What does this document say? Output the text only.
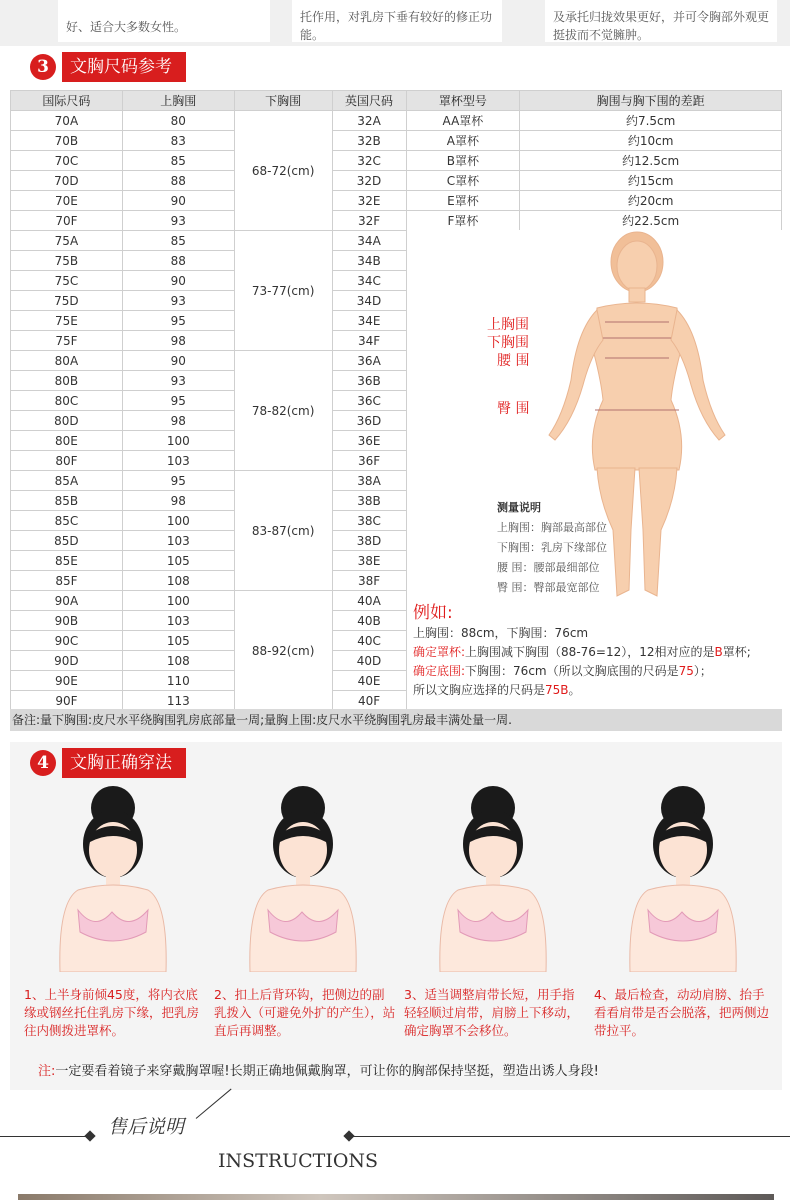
好、适合大多数女性。
托作用，对乳房下垂有较好的修正功能。
及承托归拢效果更好，并可令胸部外观更挺拔而不觉臃肿。
3	文胸尺码参考
国际尺码	上胸围	下胸围	英国尺码	罩杯型号	胸围与胸下围的差距
70A	80	68-72(cm)	32A	AA罩杯	约7.5cm
70B	83		32B	A罩杯	约10cm
70C	85		32C	B罩杯	约12.5cm
70D	88		32D	C罩杯	约15cm
70E	90		32E	E罩杯	约20cm
70F	93		32F	F罩杯	约22.5cm
75A	85	73-77(cm)	34A		
75B	88		34B		
75C	90		34C		
75D	93		34D		
75E	95		34E		
75F	98		34F		
80A	90	78-82(cm)	36A		
80B	93		36B		
80C	95		36C		
80D	98		36D		
80E	100		36E		
80F	103		36F		
85A	95	83-87(cm)	38A		
85B	98		38B		
85C	100		38C		
85D	103		38D		
85E	105		38E		
85F	108		38F		
90A	100	88-92(cm)	40A		
90B	103		40B		
90C	105		40C		
90D	108		40D		
90E	110		40E		
90F	113		40F		
上胸围
下胸围
腰 围
臀 围
测量说明
上胸围：胸部最高部位
下胸围：乳房下缘部位
腰 围：腰部最细部位
臀 围：臀部最宽部位
例如:
上胸围：88cm，下胸围：76cm
确定罩杯:上胸围减下胸围（88-76=12），12相对应的是B罩杯;
确定底围:下胸围：76cm（所以文胸底围的尺码是75）；
所以文胸应选择的尺码是75B。
备注:量下胸围:皮尺水平绕胸围乳房底部量一周;量胸上围:皮尺水平绕胸围乳房最丰满处量一周.
4	文胸正确穿法
1、上半身前倾45度，将内衣底缘或钢丝托住乳房下缘，把乳房往内侧拨进罩杯。
2、扣上后背环钩，把侧边的副乳拨入（可避免外扩的产生），站直后再调整。
3、适当调整肩带长短，用手指轻轻顺过肩带，肩膀上下移动，确定胸罩不会移位。
4、最后检查，动动肩膀、抬手看看肩带是否会脱落，把两侧边带拉平。
注:一定要看着镜子来穿戴胸罩喔!长期正确地佩戴胸罩，可让你的胸部保持坚挺，塑造出诱人身段!
售后说明
INSTRUCTIONS
